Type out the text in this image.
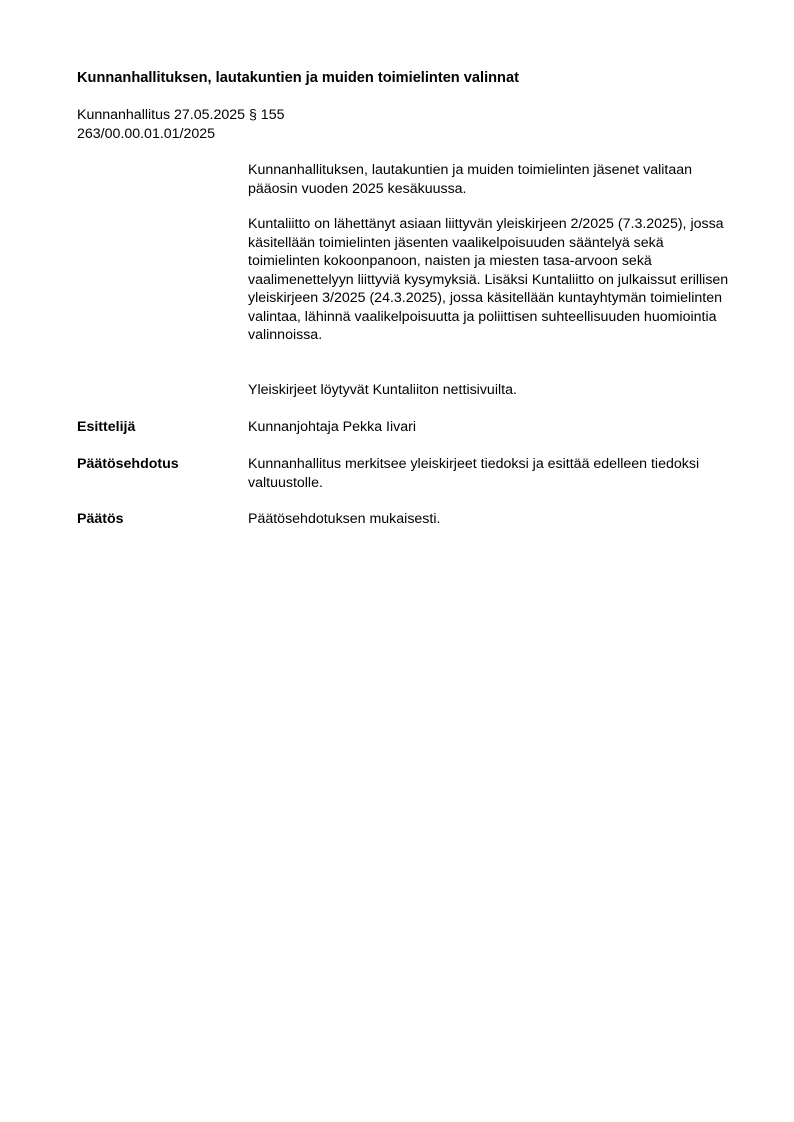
Kunnanhallituksen, lautakuntien ja muiden toimielinten valinnat
Kunnanhallitus 27.05.2025 § 155
263/00.00.01.01/2025

Kunnanhallituksen, lautakuntien ja muiden toimielinten jäsenet valitaan pääosin vuoden 2025 kesäkuussa.

Kuntaliitto on lähettänyt asiaan liittyvän yleiskirjeen 2/2025 (7.3.2025), jossa käsitellään toimielinten jäsenten vaalikelpoisuuden sääntelyä sekä toimielinten kokoonpanoon, naisten ja miesten tasa-arvoon sekä vaalimenettelyyn liittyviä kysymyksiä. Lisäksi Kuntaliitto on julkaissut erillisen yleiskirjeen 3/2025 (24.3.2025), jossa käsitellään kuntayhtymän toimielinten valintaa, lähinnä vaalikelpoisuutta ja poliittisen suhteellisuuden huomiointia valinnoissa.

Yleiskirjeet löytyvät Kuntaliiton nettisivuilta.

Esittelijä	Kunnanjohtaja Pekka Iivari

Päätösehdotus	Kunnanhallitus merkitsee yleiskirjeet tiedoksi ja esittää edelleen tiedoksi valtuustolle.

Päätös	Päätösehdotuksen mukaisesti.
